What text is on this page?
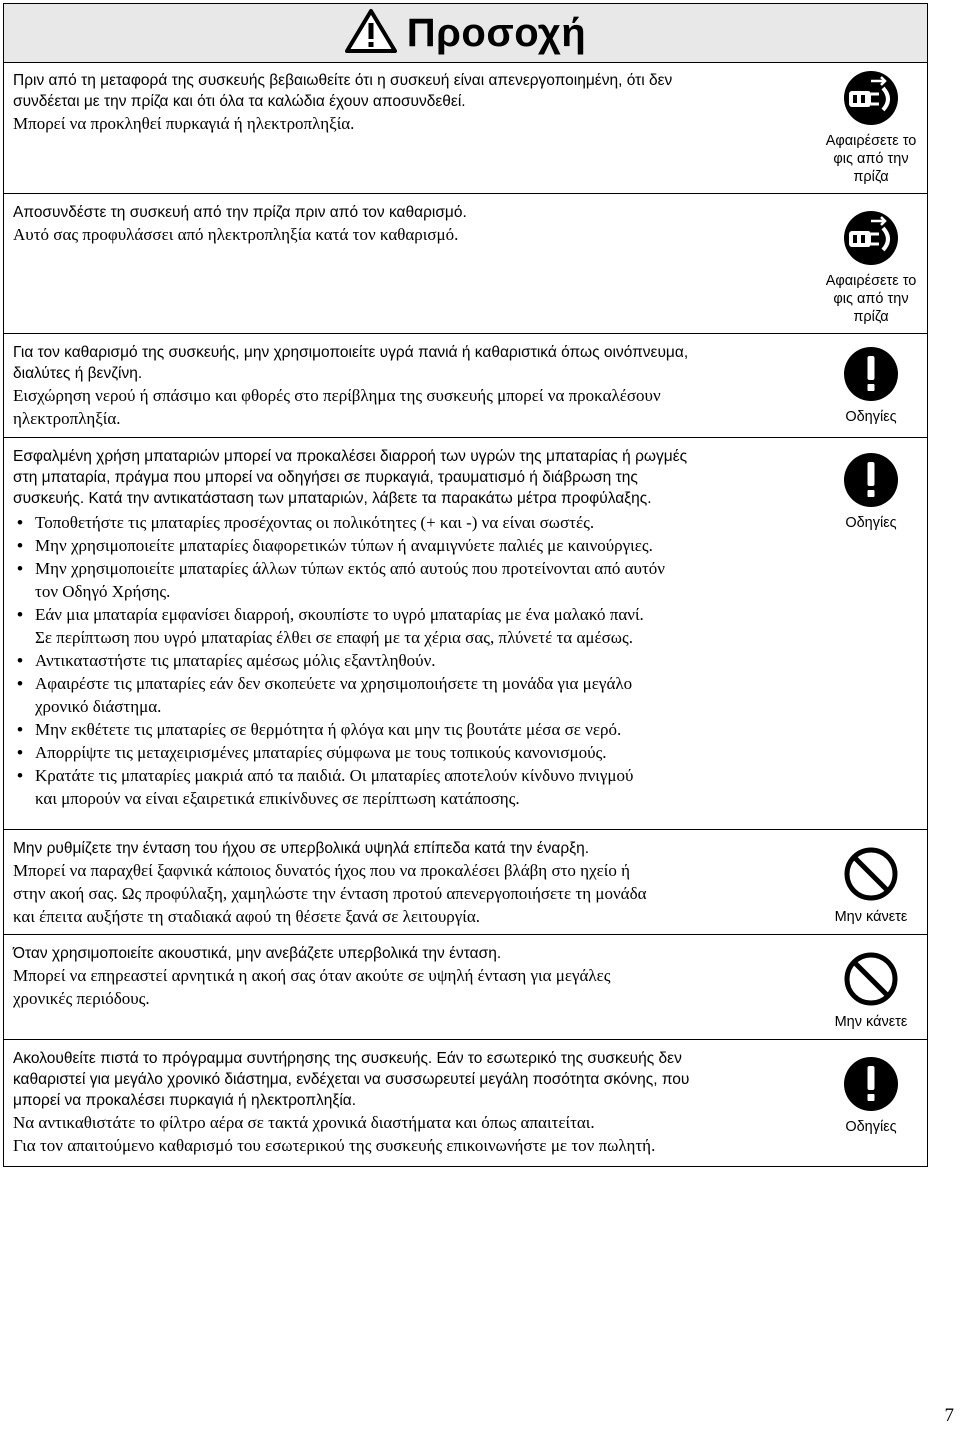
Προσοχή

Πριν από τη μεταφορά της συσκευής βεβαιωθείτε ότι η συσκευή είναι απενεργοποιημένη, ότι δεν

συνδέεται με την πρίζα και ότι όλα τα καλώδια έχουν αποσυνδεθεί.

Μπορεί να προκληθεί πυρκαγιά ή ηλεκτροπληξία.

Αφαιρέσετε το
φις από την
πρίζα

Αποσυνδέστε τη συσκευή από την πρίζα πριν από τον καθαρισμό.

Αυτό σας προφυλάσσει από ηλεκτροπληξία κατά τον καθαρισμό.

Αφαιρέσετε το
φις από την
πρίζα

Για τον καθαρισμό της συσκευής, μην χρησιμοποιείτε υγρά πανιά ή καθαριστικά όπως οινόπνευμα,

διαλύτες ή βενζίνη.

Εισχώρηση νερού ή σπάσιμο και φθορές στο περίβλημα της συσκευής μπορεί να προκαλέσουν

ηλεκτροπληξία.	Οδηγίες

Εσφαλμένη χρήση μπαταριών μπορεί να προκαλέσει διαρροή των υγρών της μπαταρίας ή ρωγμές

στη μπαταρία, πράγμα που μπορεί να οδηγήσει σε πυρκαγιά, τραυματισμό ή διάβρωση της

συσκευής. Κατά την αντικατάσταση των μπαταριών, λάβετε τα παρακάτω μέτρα προφύλαξης.

• Τοποθετήστε τις μπαταρίες προσέχοντας οι πολικότητες (+ και -) να είναι σωστές.
• Μην χρησιμοποιείτε μπαταρίες διαφορετικών τύπων ή αναμιγνύετε παλιές με καινούργιες.
• Μην χρησιμοποιείτε μπαταρίες άλλων τύπων εκτός από αυτούς που προτείνονται από αυτόν
τον Οδηγό Χρήσης.
• Εάν μια μπαταρία εμφανίσει διαρροή, σκουπίστε το υγρό μπαταρίας με ένα μαλακό πανί.
Σε περίπτωση που υγρό μπαταρίας έλθει σε επαφή με τα χέρια σας, πλύνετέ τα αμέσως.
• Αντικαταστήστε τις μπαταρίες αμέσως μόλις εξαντληθούν.
• Αφαιρέστε τις μπαταρίες εάν δεν σκοπεύετε να χρησιμοποιήσετε τη μονάδα για μεγάλο
χρονικό διάστημα.
• Μην εκθέτετε τις μπαταρίες σε θερμότητα ή φλόγα και μην τις βουτάτε μέσα σε νερό.
• Απορρίψτε τις μεταχειρισμένες μπαταρίες σύμφωνα με τους τοπικούς κανονισμούς.
• Κρατάτε τις μπαταρίες μακριά από τα παιδιά. Οι μπαταρίες αποτελούν κίνδυνο πνιγμού
και μπορούν να είναι εξαιρετικά επικίνδυνες σε περίπτωση κατάποσης.
Οδηγίες

Μην ρυθμίζετε την ένταση του ήχου σε υπερβολικά υψηλά επίπεδα κατά την έναρξη.

Μπορεί να παραχθεί ξαφνικά κάποιος δυνατός ήχος που να προκαλέσει βλάβη στο ηχείο ή

στην ακοή σας. Ως προφύλαξη, χαμηλώστε την ένταση προτού απενεργοποιήσετε τη μονάδα

και έπειτα αυξήστε τη σταδιακά αφού τη θέσετε ξανά σε λειτουργία.	Μην κάνετε

Όταν χρησιμοποιείτε ακουστικά, μην ανεβάζετε υπερβολικά την ένταση.

Μπορεί να επηρεαστεί αρνητικά η ακοή σας όταν ακούτε σε υψηλή ένταση για μεγάλες

χρονικές περιόδους.

Μην κάνετε

Ακολουθείτε πιστά το πρόγραμμα συντήρησης της συσκευής. Εάν το εσωτερικό της συσκευής δεν

καθαριστεί για μεγάλο χρονικό διάστημα, ενδέχεται να συσσωρευτεί μεγάλη ποσότητα σκόνης, που

μπορεί να προκαλέσει πυρκαγιά ή ηλεκτροπληξία.

Να αντικαθιστάτε το φίλτρο αέρα σε τακτά χρονικά διαστήματα και όπως απαιτείται.

Για τον απαιτούμενο καθαρισμό του εσωτερικού της συσκευής επικοινωνήστε με τον πωλητή.

Οδηγίες
7
